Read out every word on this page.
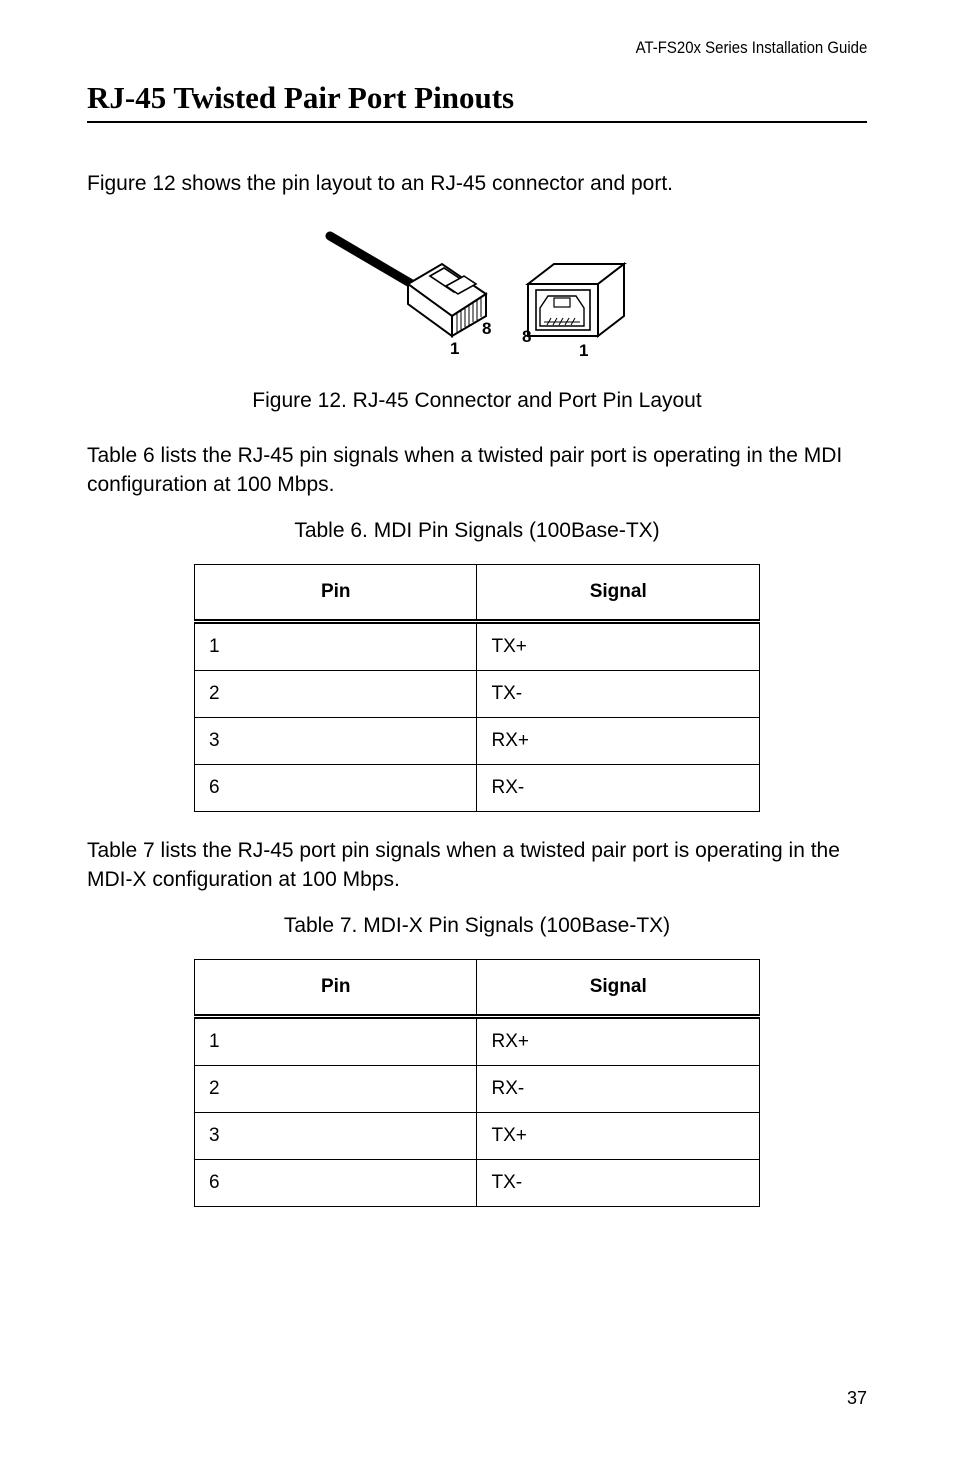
AT-FS20x Series Installation Guide
RJ-45 Twisted Pair Port Pinouts

Figure 12 shows the pin layout to an RJ-45 connector and port.

1
8 8
1

Figure 12. RJ-45 Connector and Port Pin Layout

Table 6 lists the RJ-45 pin signals when a twisted pair port is operating in the MDI configuration at 100 Mbps.

Table 6. MDI Pin Signals (100Base-TX)

Pin	Signal
1	TX+
2	TX-
3	RX+
6	RX-

Table 7 lists the RJ-45 port pin signals when a twisted pair port is operating in the MDI-X configuration at 100 Mbps.

Table 7. MDI-X Pin Signals (100Base-TX)

Pin	Signal
1	RX+
2	RX-
3	TX+
6	TX-
37
